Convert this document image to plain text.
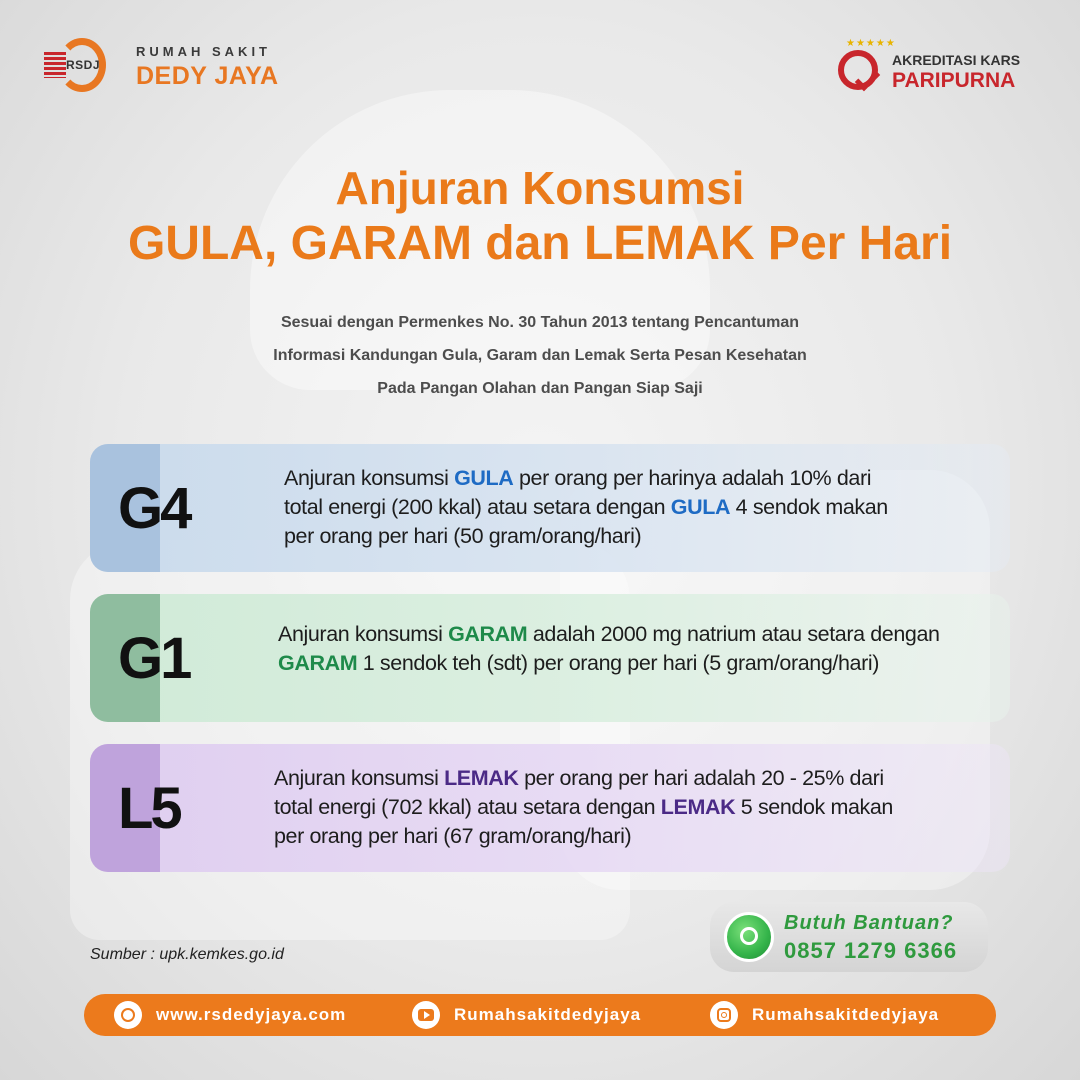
RSDJ
RUMAH SAKIT
DEDY JAYA
★★★★★
AKREDITASI KARS
PARIPURNA
Anjuran Konsumsi
GULA, GARAM dan LEMAK Per Hari
Sesuai dengan Permenkes No. 30 Tahun 2013 tentang Pencantuman
Informasi Kandungan Gula, Garam dan Lemak Serta Pesan Kesehatan
Pada Pangan Olahan dan Pangan Siap Saji
G4	Anjuran konsumsi GULA per orang per harinya adalah 10% dari
total energi (200 kkal) atau setara dengan GULA 4 sendok makan
per orang per hari (50 gram/orang/hari)
G1	Anjuran konsumsi GARAM adalah 2000 mg natrium atau setara dengan
GARAM 1 sendok teh (sdt) per orang per hari (5 gram/orang/hari)
L5	Anjuran konsumsi LEMAK per orang per hari adalah 20 - 25% dari
total energi (702 kkal) atau setara dengan LEMAK 5 sendok makan
per orang per hari (67 gram/orang/hari)
Sumber : upk.kemkes.go.id
Butuh Bantuan?
0857 1279 6366
www.rsdedyjaya.com	Rumahsakitdedyjaya	Rumahsakitdedyjaya
